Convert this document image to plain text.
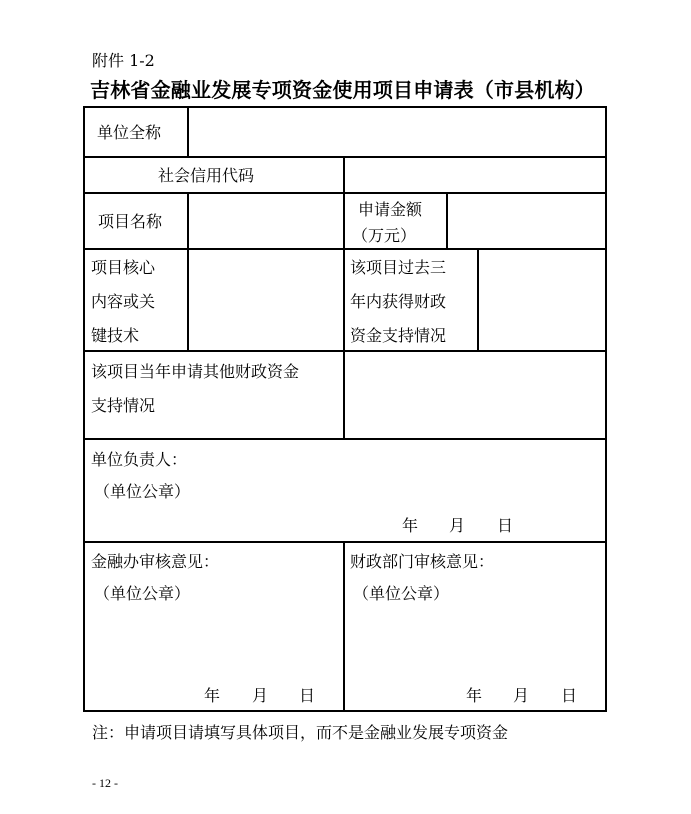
附件 1-2
吉林省金融业发展专项资金使用项目申请表（市县机构）
单位全称
社会信用代码
项目名称
申请金额
（万元）
项目核心
内容或关
键技术
该项目过去三
年内获得财政
资金支持情况
该项目当年申请其他财政资金
支持情况
单位负责人：
（单位公章）
年 月 日
金融办审核意见：
（单位公章）
年 月 日
财政部门审核意见：
（单位公章）
年 月 日
注：申请项目请填写具体项目，而不是金融业发展专项资金
- 12 -
